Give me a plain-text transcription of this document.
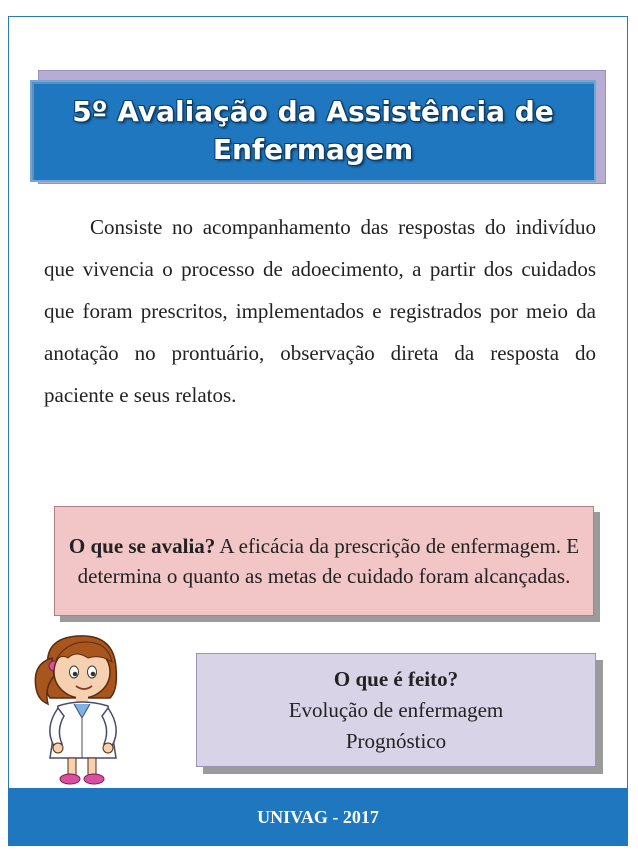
5º Avaliação da Assistência de Enfermagem
Consiste no acompanhamento das respostas do indivíduo que vivencia o processo de adoecimento, a partir dos cuidados que foram prescritos, implementados e registrados por meio da anotação no prontuário, observação direta da resposta do paciente e seus relatos.
O que se avalia? A eficácia da prescrição de enfermagem. E determina o quanto as metas de cuidado foram alcançadas.
O que é feito?
Evolução de enfermagem
Prognóstico
UNIVAG - 2017
